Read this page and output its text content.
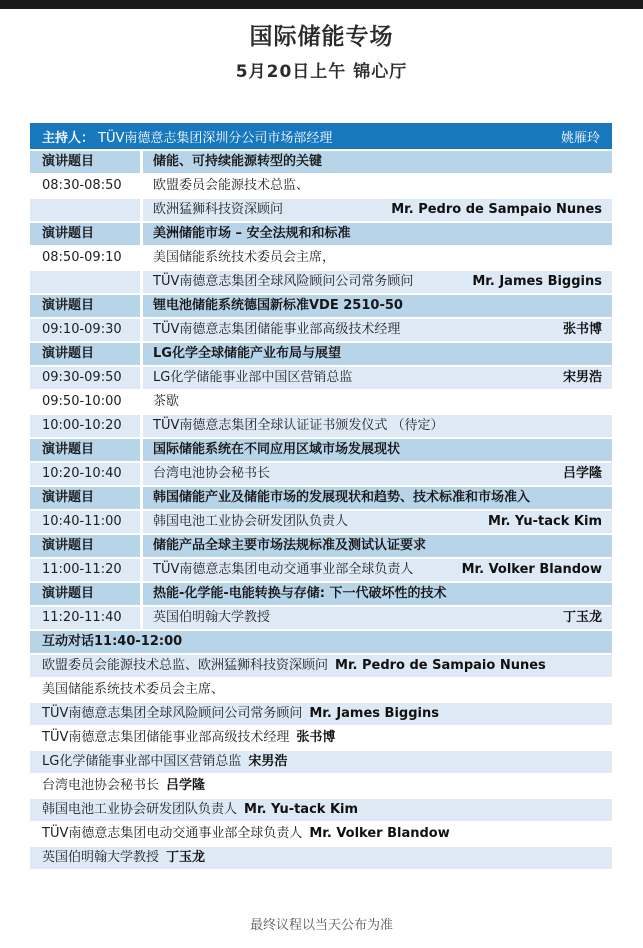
国际储能专场
5月20日上午 锦心厅
主持人： TÜV南德意志集团深圳分公司市场部经理	姚雁玲
演讲题目	储能、可持续能源转型的关键
08:30-08:50	欧盟委员会能源技术总监、
欧洲猛狮科技资深顾问	Mr. Pedro de Sampaio Nunes
演讲题目	美洲储能市场 – 安全法规和和标准
08:50-09:10	美国储能系统技术委员会主席，
TÜV南德意志集团全球风险顾问公司常务顾问	Mr. James Biggins
演讲题目	锂电池储能系统德国新标准VDE 2510-50
09:10-09:30	TÜV南德意志集团储能事业部高级技术经理	张书博
演讲题目	LG化学全球储能产业布局与展望
09:30-09:50	LG化学储能事业部中国区营销总监	宋男浩
09:50-10:00	茶歇
10:00-10:20	TÜV南德意志集团全球认证证书颁发仪式 （待定）
演讲题目	国际储能系统在不同应用区域市场发展现状
10:20-10:40	台湾电池协会秘书长	吕学隆
演讲题目	韩国储能产业及储能市场的发展现状和趋势、技术标准和市场准入
10:40-11:00	韩国电池工业协会研发团队负责人	Mr. Yu-tack Kim
演讲题目	储能产品全球主要市场法规标准及测试认证要求
11:00-11:20	TÜV南德意志集团电动交通事业部全球负责人	Mr. Volker Blandow
演讲题目	热能-化学能-电能转换与存储: 下一代破坏性的技术
11:20-11:40	英国伯明翰大学教授	丁玉龙
互动对话11:40-12:00
欧盟委员会能源技术总监、欧洲猛狮科技资深顾问 Mr. Pedro de Sampaio Nunes
美国储能系统技术委员会主席、
TÜV南德意志集团全球风险顾问公司常务顾问 Mr. James Biggins
TÜV南德意志集团储能事业部高级技术经理 张书博
LG化学储能事业部中国区营销总监 宋男浩
台湾电池协会秘书长 吕学隆
韩国电池工业协会研发团队负责人 Mr. Yu-tack Kim
TÜV南德意志集团电动交通事业部全球负责人 Mr. Volker Blandow
英国伯明翰大学教授 丁玉龙
最终议程以当天公布为准
